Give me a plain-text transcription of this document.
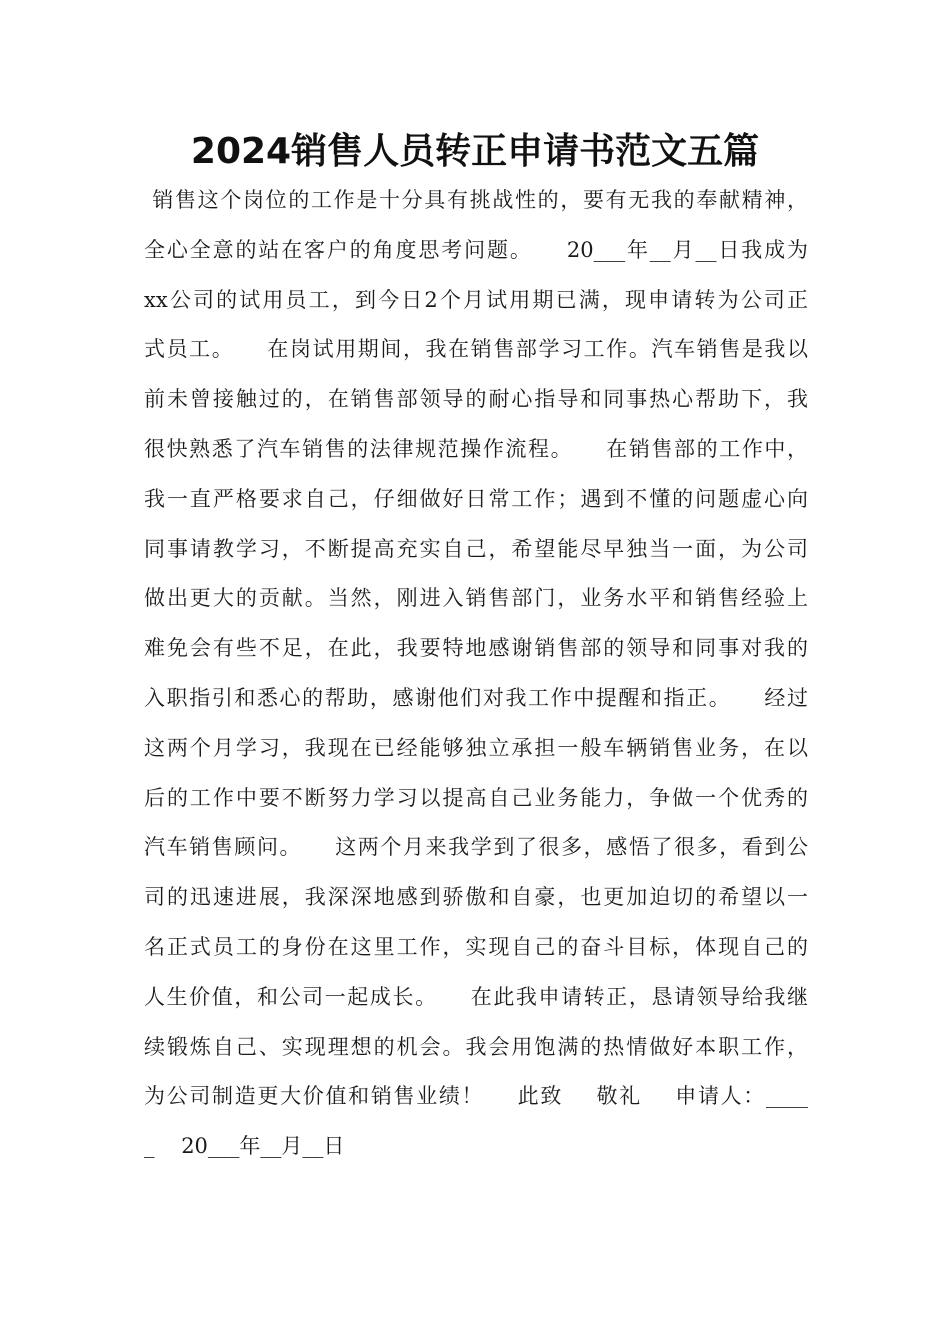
2024销售人员转正申请书范文五篇
销售这个岗位的工作是十分具有挑战性的，要有无我的奉献精神，
全心全意的站在客户的角度思考问题。    20___年__月__日我成为
xx公司的试用员工，到今日2个月试用期已满，现申请转为公司正
式员工。    在岗试用期间，我在销售部学习工作。汽车销售是我以
前未曾接触过的，在销售部领导的耐心指导和同事热心帮助下，我
很快熟悉了汽车销售的法律规范操作流程。    在销售部的工作中，
我一直严格要求自己，仔细做好日常工作；遇到不懂的问题虚心向
同事请教学习，不断提高充实自己，希望能尽早独当一面，为公司
做出更大的贡献。当然，刚进入销售部门，业务水平和销售经验上
难免会有些不足，在此，我要特地感谢销售部的领导和同事对我的
入职指引和悉心的帮助，感谢他们对我工作中提醒和指正。    经过
这两个月学习，我现在已经能够独立承担一般车辆销售业务，在以
后的工作中要不断努力学习以提高自己业务能力，争做一个优秀的
汽车销售顾问。    这两个月来我学到了很多，感悟了很多，看到公
司的迅速进展，我深深地感到骄傲和自豪，也更加迫切的希望以一
名正式员工的身份在这里工作，实现自己的奋斗目标，体现自己的
人生价值，和公司一起成长。    在此我申请转正，恳请领导给我继
续锻炼自己、实现理想的机会。我会用饱满的热情做好本职工作，
为公司制造更大价值和销售业绩！    此致    敬礼    申请人：____
_    20___年__月__日
